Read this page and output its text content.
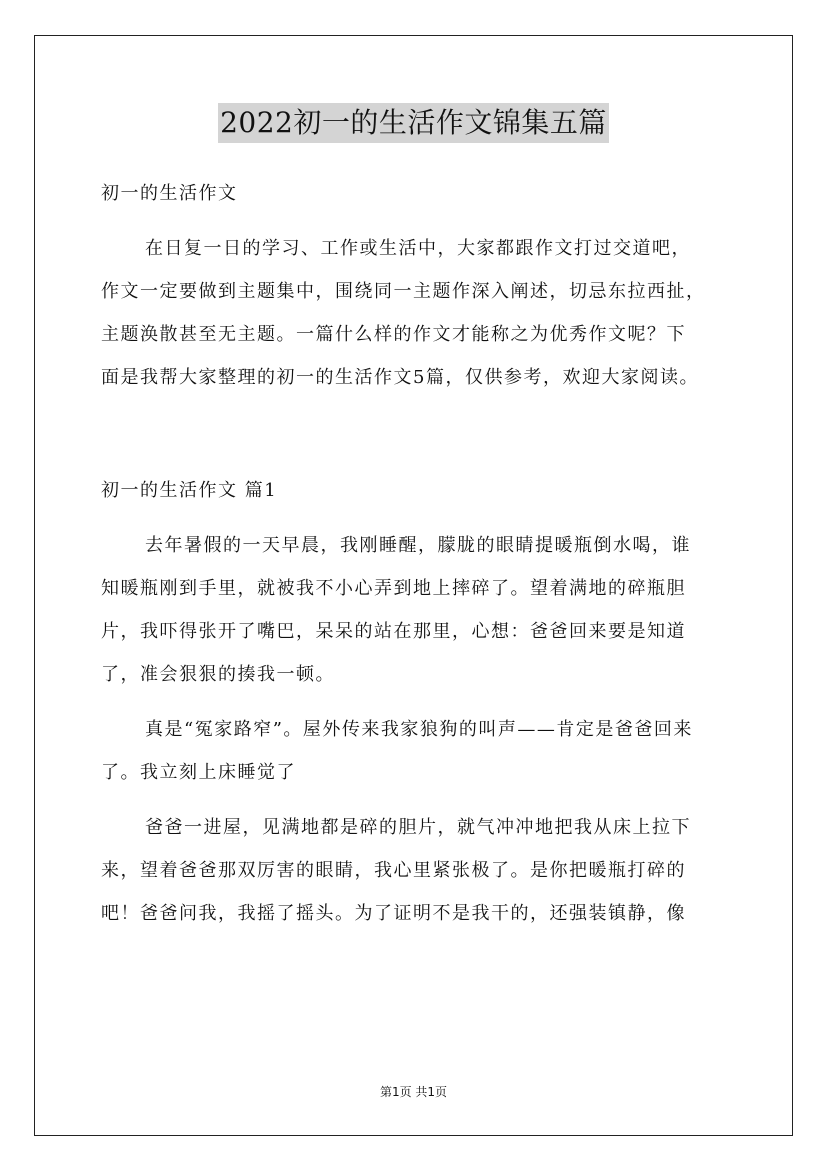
2022初一的生活作文锦集五篇

初一的生活作文

在日复一日的学习、工作或生活中，大家都跟作文打过交道吧，

作文一定要做到主题集中，围绕同一主题作深入阐述，切忌东拉西扯，

主题涣散甚至无主题。一篇什么样的作文才能称之为优秀作文呢？下

面是我帮大家整理的初一的生活作文5篇，仅供参考，欢迎大家阅读。

初一的生活作文 篇1

去年暑假的一天早晨，我刚睡醒，朦胧的眼睛提暖瓶倒水喝，谁

知暖瓶刚到手里，就被我不小心弄到地上摔碎了。望着满地的碎瓶胆

片，我吓得张开了嘴巴，呆呆的站在那里，心想：爸爸回来要是知道

了，准会狠狠的揍我一顿。

真是“冤家路窄”。屋外传来我家狼狗的叫声——肯定是爸爸回来

了。我立刻上床睡觉了

爸爸一进屋，见满地都是碎的胆片，就气冲冲地把我从床上拉下

来，望着爸爸那双厉害的眼睛，我心里紧张极了。是你把暖瓶打碎的

吧！爸爸问我，我摇了摇头。为了证明不是我干的，还强装镇静，像

第1页 共1页
